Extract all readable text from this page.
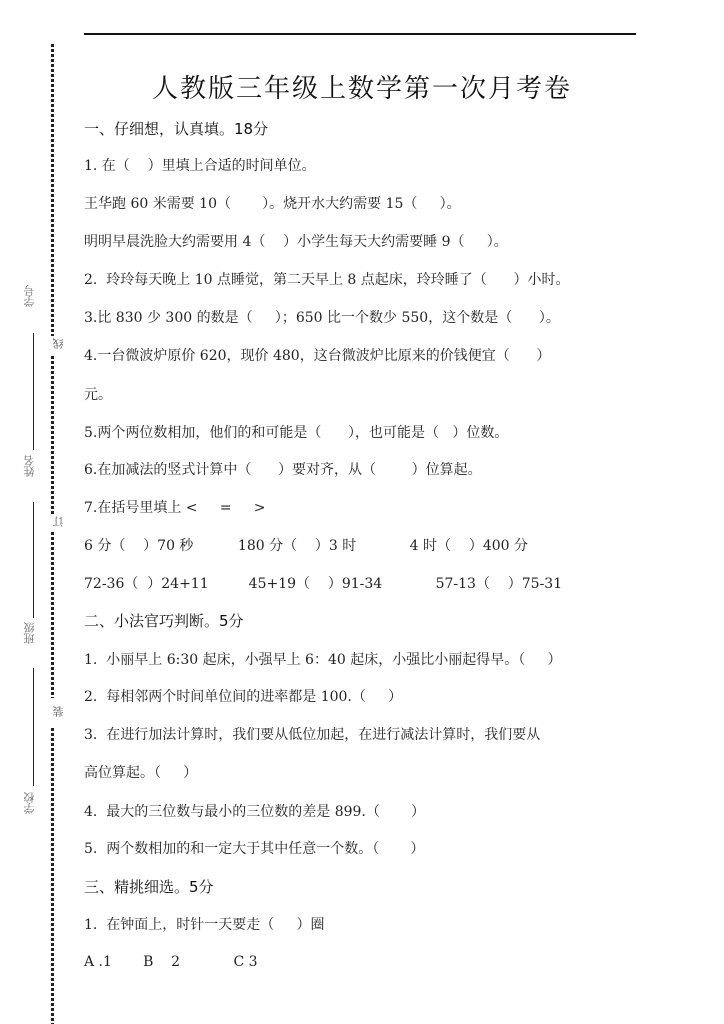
学号
姓名
班级
学校
线
订
装
人教版三年级上数学第一次月考卷
一、仔细想，认真填。18分
1. 在（    ）里填上合适的时间单位。
王华跑 60 米需要 10（       ）。烧开水大约需要 15（     ）。
明明早晨洗脸大约需要用 4（    ）小学生每天大约需要睡 9（     ）。
2.  玲玲每天晚上 10 点睡觉，第二天早上 8 点起床，玲玲睡了（      ）小时。
3.比 830 少 300 的数是（     ）；650 比一个数少 550，这个数是（      ）。
4.一台微波炉原价 620，现价 480，这台微波炉比原来的价钱便宜（      ）
元。
5.两个两位数相加，他们的和可能是（      ），也可能是（   ）位数。
6.在加减法的竖式计算中（      ）要对齐，从（        ）位算起。
7.在括号里填上 <     =     >
6 分（    ）70 秒          180 分（    ）3 时            4 时（    ）400 分
72-36（  ）24+11         45+19（    ）91-34            57-13（    ）75-31
二、小法官巧判断。5分
1.  小丽早上 6:30 起床，小强早上 6：40 起床，小强比小丽起得早。（     ）
2.  每相邻两个时间单位间的进率都是 100.（     ）
3.  在进行加法计算时，我们要从低位加起，在进行减法计算时，我们要从
高位算起。（     ）
4.  最大的三位数与最小的三位数的差是 899.（       ）
5.  两个数相加的和一定大于其中任意一个数。（       ）
三、精挑细选。5分
1.  在钟面上，时针一天要走（     ）圈
A .1       B    2            C 3
